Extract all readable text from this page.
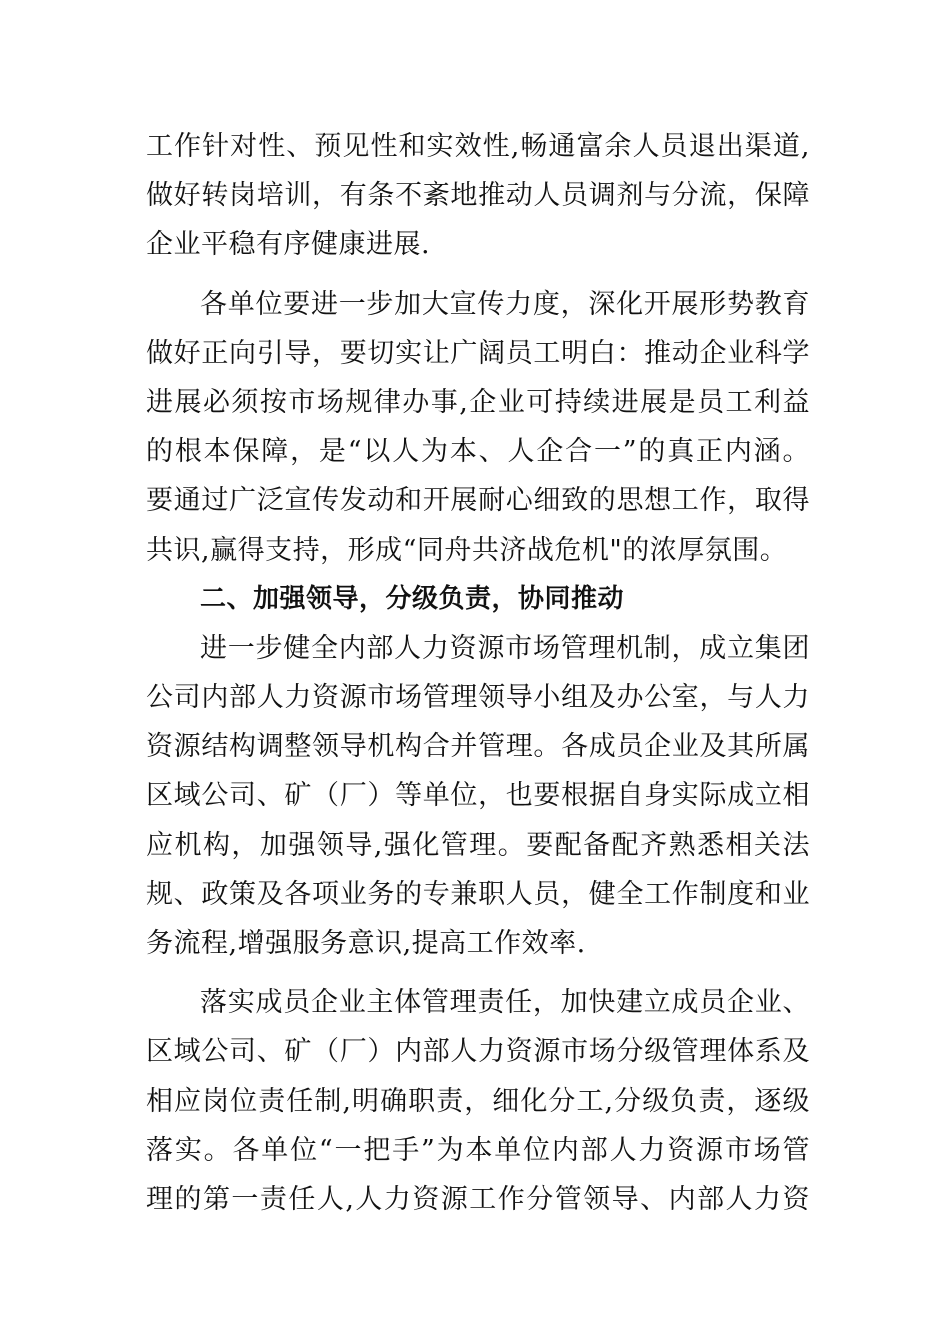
工作针对性、预见性和实效性,畅通富余人员退出渠道,
做好转岗培训，有条不紊地推动人员调剂与分流，保障
企业平稳有序健康进展.
各单位要进一步加大宣传力度，深化开展形势教育
做好正向引导，要切实让广阔员工明白：推动企业科学
进展必须按市场规律办事,企业可持续进展是员工利益
的根本保障，是“以人为本、人企合一”的真正内涵。
要通过广泛宣传发动和开展耐心细致的思想工作，取得
共识,赢得支持，形成“同舟共济战危机"的浓厚氛围。
二、加强领导，分级负责，协同推动
进一步健全内部人力资源市场管理机制，成立集团
公司内部人力资源市场管理领导小组及办公室，与人力
资源结构调整领导机构合并管理。各成员企业及其所属
区域公司、矿（厂）等单位，也要根据自身实际成立相
应机构，加强领导,强化管理。要配备配齐熟悉相关法
规、政策及各项业务的专兼职人员，健全工作制度和业
务流程,增强服务意识,提高工作效率.
落实成员企业主体管理责任，加快建立成员企业、
区域公司、矿（厂）内部人力资源市场分级管理体系及
相应岗位责任制,明确职责，细化分工,分级负责，逐级
落实。各单位“一把手”为本单位内部人力资源市场管
理的第一责任人,人力资源工作分管领导、内部人力资
